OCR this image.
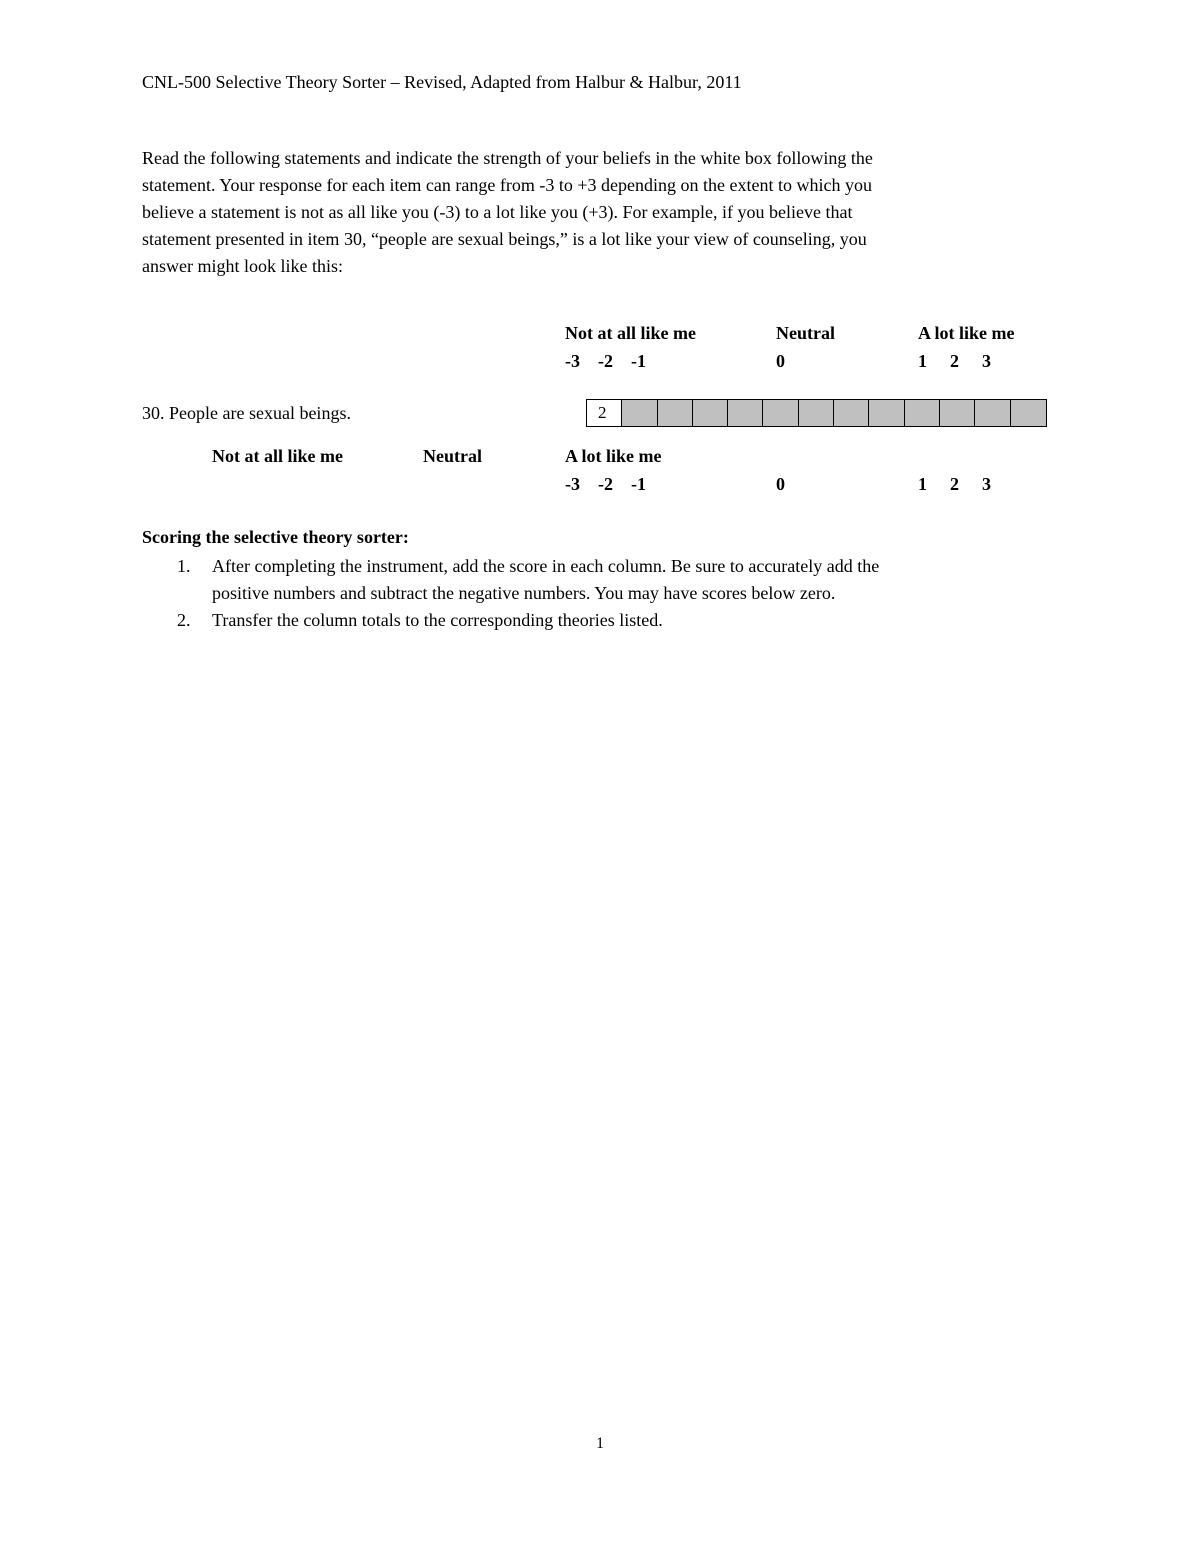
CNL-500 Selective Theory Sorter – Revised, Adapted from Halbur & Halbur, 2011
Read the following statements and indicate the strength of your beliefs in the white box following the
statement. Your response for each item can range from -3 to +3 depending on the extent to which you
believe a statement is not as all like you (-3) to a lot like you (+3). For example, if you believe that
statement presented in item 30, “people are sexual beings,” is a lot like your view of counseling, you
answer might look like this:
Not at all like me	Neutral	A lot like me
-3 -2 -1	0	1 2 3
30. People are sexual beings.	2
Not at all like me	Neutral	A lot like me
-3 -2 -1	0	1 2 3
Scoring the selective theory sorter:
1.	After completing the instrument, add the score in each column. Be sure to accurately add the
positive numbers and subtract the negative numbers. You may have scores below zero.
2.	Transfer the column totals to the corresponding theories listed.
1
